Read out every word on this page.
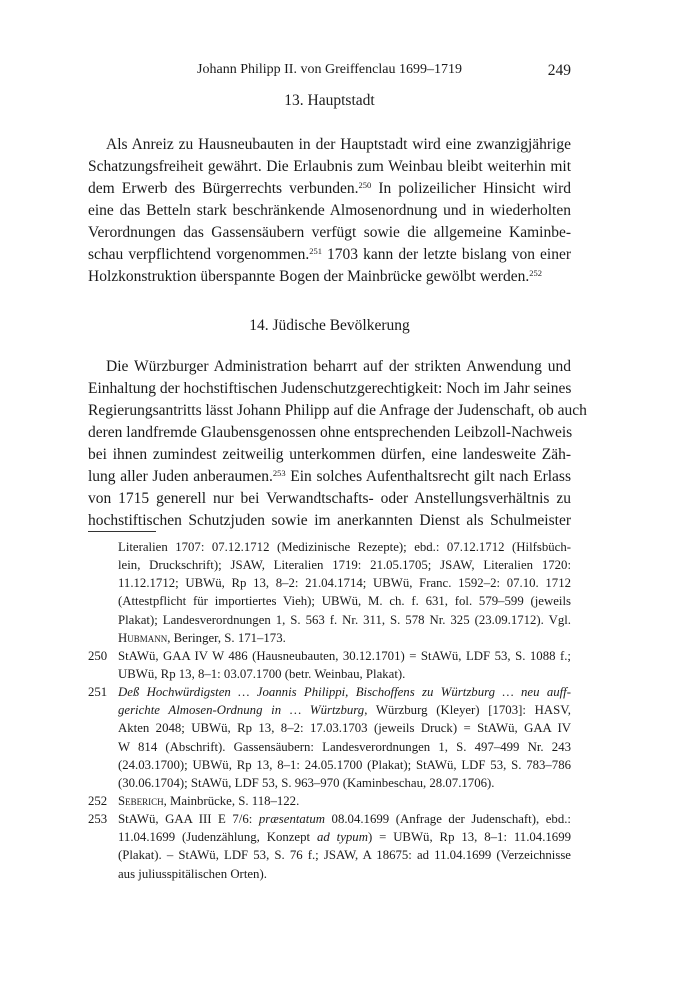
Johann Philipp II. von Greiffenclau 1699–1719	249
13. Hauptstadt
Als Anreiz zu Hausneubauten in der Hauptstadt wird eine zwanzigjährige
Schatzungsfreiheit gewährt. Die Erlaubnis zum Weinbau bleibt weiterhin mit
dem Erwerb des Bürgerrechts verbunden.$^{250}$ In polizeilicher Hinsicht wird
eine das Betteln stark beschränkende Almosenordnung und in wiederholten
Verordnungen das Gassensäubern verfügt sowie die allgemeine Kaminbe-
schau verpflichtend vorgenommen.$^{251}$ 1703 kann der letzte bislang von einer
Holzkonstruktion überspannte Bogen der Mainbrücke gewölbt werden.$^{252}$
14. Jüdische Bevölkerung
Die Würzburger Administration beharrt auf der strikten Anwendung und
Einhaltung der hochstiftischen Judenschutzgerechtigkeit: Noch im Jahr seines
Regierungsantritts lässt Johann Philipp auf die Anfrage der Judenschaft, ob auch
deren landfremde Glaubensgenossen ohne entsprechenden Leibzoll-Nachweis
bei ihnen zumindest zeitweilig unterkommen dürfen, eine landesweite Zäh-
lung aller Juden anberaumen.$^{253}$ Ein solches Aufenthaltsrecht gilt nach Erlass
von 1715 generell nur bei Verwandtschafts- oder Anstellungsverhältnis zu
hochstiftischen Schutzjuden sowie im anerkannten Dienst als Schulmeister
Literalien 1707: 07.12.1712 (Medizinische Rezepte); ebd.: 07.12.1712 (Hilfsbüch-
lein, Druckschrift); JSAW, Literalien 1719: 21.05.1705; JSAW, Literalien 1720:
11.12.1712; UBWü, Rp 13, 8–2: 21.04.1714; UBWü, Franc. 1592–2: 07.10. 1712
(Attestpflicht für importiertes Vieh); UBWü, M. ch. f. 631, fol. 579–599 (jeweils
Plakat); Landesverordnungen 1, S. 563 f. Nr. 311, S. 578 Nr. 325 (23.09.1712). Vgl.
Hubmann, Beringer, S. 171–173.
250 StAWü, GAA IV W 486 (Hausneubauten, 30.12.1701) = StAWü, LDF 53, S. 1088 f.;
UBWü, Rp 13, 8–1: 03.07.1700 (betr. Weinbau, Plakat).
251 Deß Hochwürdigsten … Joannis Philippi, Bischoffens zu Würtzburg … neu auff-
gerichte Almosen-Ordnung in … Würtzburg, Würzburg (Kleyer) [1703]: HASV,
Akten 2048; UBWü, Rp 13, 8–2: 17.03.1703 (jeweils Druck) = StAWü, GAA IV
W 814 (Abschrift). Gassensäubern: Landesverordnungen 1, S. 497–499 Nr. 243
(24.03.1700); UBWü, Rp 13, 8–1: 24.05.1700 (Plakat); StAWü, LDF 53, S. 783–786
(30.06.1704); StAWü, LDF 53, S. 963–970 (Kaminbeschau, 28.07.1706).
252 Seberich, Mainbrücke, S. 118–122.
253 StAWü, GAA III E 7/6: præsentatum 08.04.1699 (Anfrage der Judenschaft), ebd.:
11.04.1699 (Judenzählung, Konzept ad typum) = UBWü, Rp 13, 8–1: 11.04.1699
(Plakat). – StAWü, LDF 53, S. 76 f.; JSAW, A 18675: ad 11.04.1699 (Verzeichnisse
aus juliusspitälischen Orten).
